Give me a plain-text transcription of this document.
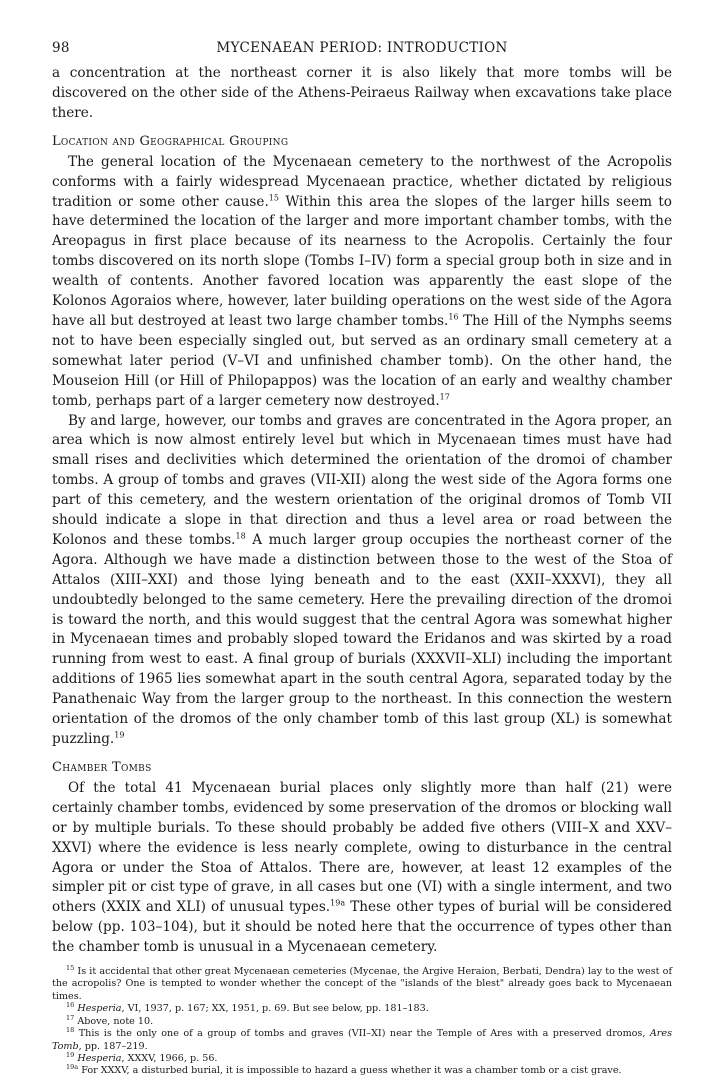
98	MYCENAEAN PERIOD: INTRODUCTION

a concentration at the northeast corner it is also likely that more tombs will be discovered on the other side of the Athens-Peiraeus Railway when excavations take place there.

Location and Geographical Grouping

The general location of the Mycenaean cemetery to the northwest of the Acropolis conforms with a fairly widespread Mycenaean practice, whether dictated by religious tradition or some other cause.$^{15}$ Within this area the slopes of the larger hills seem to have determined the location of the larger and more important chamber tombs, with the Areopagus in first place because of its nearness to the Acropolis. Certainly the four tombs discovered on its north slope (Tombs I–IV) form a special group both in size and in wealth of contents. Another favored location was apparently the east slope of the Kolonos Agoraios where, however, later building operations on the west side of the Agora have all but destroyed at least two large chamber tombs.$^{16}$ The Hill of the Nymphs seems not to have been especially singled out, but served as an ordinary small cemetery at a somewhat later period (V–VI and unfinished chamber tomb). On the other hand, the Mouseion Hill (or Hill of Philopappos) was the location of an early and wealthy chamber tomb, perhaps part of a larger cemetery now destroyed.$^{17}$

By and large, however, our tombs and graves are concentrated in the Agora proper, an area which is now almost entirely level but which in Mycenaean times must have had small rises and declivities which determined the orientation of the dromoi of chamber tombs. A group of tombs and graves (VII-XII) along the west side of the Agora forms one part of this cemetery, and the western orientation of the original dromos of Tomb VII should indicate a slope in that direction and thus a level area or road between the Kolonos and these tombs.$^{18}$ A much larger group occupies the northeast corner of the Agora. Although we have made a distinction between those to the west of the Stoa of Attalos (XIII–XXI) and those lying beneath and to the east (XXII–XXXVI), they all undoubtedly belonged to the same cemetery. Here the prevailing direction of the dromoi is toward the north, and this would suggest that the central Agora was somewhat higher in Mycenaean times and probably sloped toward the Eridanos and was skirted by a road running from west to east. A final group of burials (XXXVII–XLI) including the important additions of 1965 lies somewhat apart in the south central Agora, separated today by the Panathenaic Way from the larger group to the northeast. In this connection the western orientation of the dromos of the only chamber tomb of this last group (XL) is somewhat puzzling.$^{19}$

Chamber Tombs

Of the total 41 Mycenaean burial places only slightly more than half (21) were certainly chamber tombs, evidenced by some preservation of the dromos or blocking wall or by multiple burials. To these should probably be added five others (VIII–X and XXV–XXVI) where the evidence is less nearly complete, owing to disturbance in the central Agora or under the Stoa of Attalos. There are, however, at least 12 examples of the simpler pit or cist type of grave, in all cases but one (VI) with a single interment, and two others (XXIX and XLI) of unusual types.$^{19a}$ These other types of burial will be considered below (pp. 103–104), but it should be noted here that the occurrence of types other than the chamber tomb is unusual in a Mycenaean cemetery.

$^{15}$ Is it accidental that other great Mycenaean cemeteries (Mycenae, the Argive Heraion, Berbati, Dendra) lay to the west of the acropolis? One is tempted to wonder whether the concept of the "islands of the blest" already goes back to Mycenaean times.

$^{16}$ Hesperia, VI, 1937, p. 167; XX, 1951, p. 69. But see below, pp. 181–183.

$^{17}$ Above, note 10.

$^{18}$ This is the only one of a group of tombs and graves (VII–XI) near the Temple of Ares with a preserved dromos, Ares Tomb, pp. 187–219.

$^{19}$ Hesperia, XXXV, 1966, p. 56.

$^{19a}$ For XXXV, a disturbed burial, it is impossible to hazard a guess whether it was a chamber tomb or a cist grave.
